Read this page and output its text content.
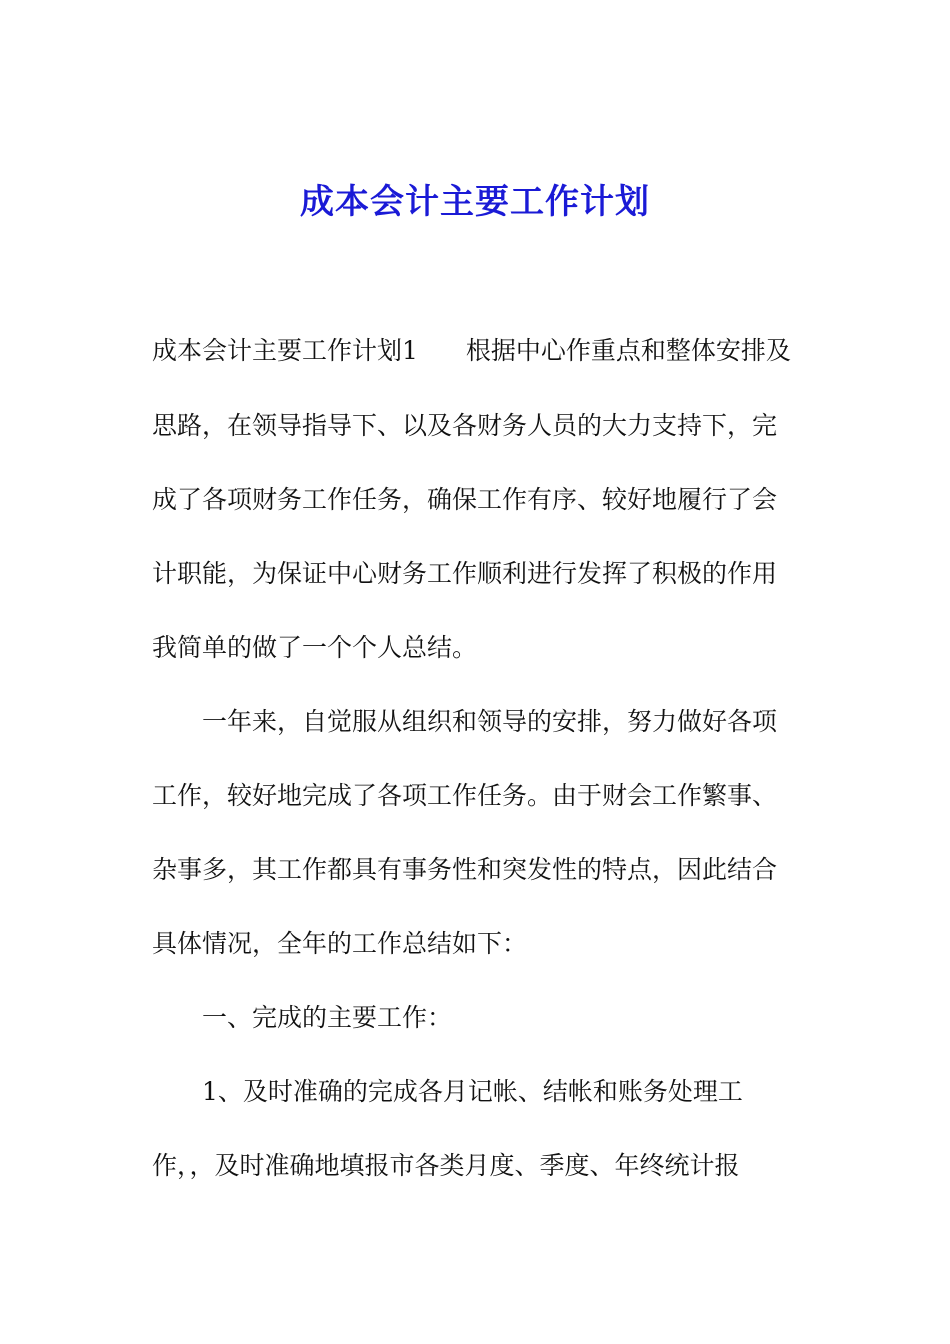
成本会计主要工作计划

成本会计主要工作计划1 根据中心作重点和整体安排及

思路，在领导指导下、以及各财务人员的大力支持下，完

成了各项财务工作任务，确保工作有序、较好地履行了会

计职能，为保证中心财务工作顺利进行发挥了积极的作用

我简单的做了一个个人总结。

一年来，自觉服从组织和领导的安排，努力做好各项

工作，较好地完成了各项工作任务。由于财会工作繁事、

杂事多，其工作都具有事务性和突发性的特点，因此结合

具体情况，全年的工作总结如下：

一、完成的主要工作：

1、及时准确的完成各月记帐、结帐和账务处理工

作，，及时准确地填报市各类月度、季度、年终统计报
